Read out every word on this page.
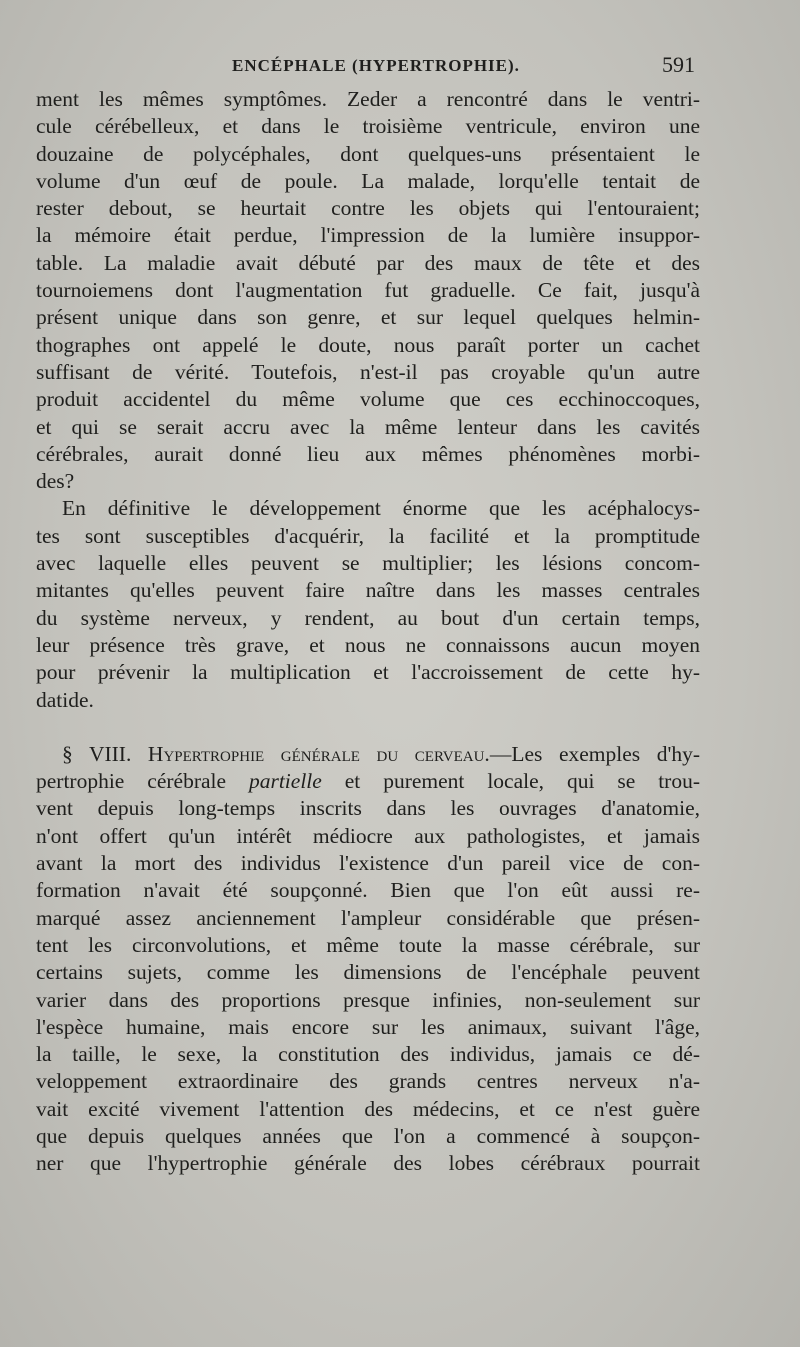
ENCÉPHALE (HYPERTROPHIE).	591
ment les mêmes symptômes. Zeder a rencontré dans le ventri-
cule cérébelleux, et dans le troisième ventricule, environ une
douzaine de polycéphales, dont quelques-uns présentaient le
volume d'un œuf de poule. La malade, lorqu'elle tentait de
rester debout, se heurtait contre les objets qui l'entouraient;
la mémoire était perdue, l'impression de la lumière insuppor-
table. La maladie avait débuté par des maux de tête et des
tournoiemens dont l'augmentation fut graduelle. Ce fait, jusqu'à
présent unique dans son genre, et sur lequel quelques helmin-
thographes ont appelé le doute, nous paraît porter un cachet
suffisant de vérité. Toutefois, n'est-il pas croyable qu'un autre
produit accidentel du même volume que ces ecchinoccoques,
et qui se serait accru avec la même lenteur dans les cavités
cérébrales, aurait donné lieu aux mêmes phénomènes morbi-
des?
En définitive le développement énorme que les acéphalocys-
tes sont susceptibles d'acquérir, la facilité et la promptitude
avec laquelle elles peuvent se multiplier; les lésions concom-
mitantes qu'elles peuvent faire naître dans les masses centrales
du système nerveux, y rendent, au bout d'un certain temps,
leur présence très grave, et nous ne connaissons aucun moyen
pour prévenir la multiplication et l'accroissement de cette hy-
datide.
§ VIII. Hypertrophie générale du cerveau.—Les exemples d'hy-
pertrophie cérébrale partielle et purement locale, qui se trou-
vent depuis long-temps inscrits dans les ouvrages d'anatomie,
n'ont offert qu'un intérêt médiocre aux pathologistes, et jamais
avant la mort des individus l'existence d'un pareil vice de con-
formation n'avait été soupçonné. Bien que l'on eût aussi re-
marqué assez anciennement l'ampleur considérable que présen-
tent les circonvolutions, et même toute la masse cérébrale, sur
certains sujets, comme les dimensions de l'encéphale peuvent
varier dans des proportions presque infinies, non-seulement sur
l'espèce humaine, mais encore sur les animaux, suivant l'âge,
la taille, le sexe, la constitution des individus, jamais ce dé-
veloppement extraordinaire des grands centres nerveux n'a-
vait excité vivement l'attention des médecins, et ce n'est guère
que depuis quelques années que l'on a commencé à soupçon-
ner que l'hypertrophie générale des lobes cérébraux pourrait
